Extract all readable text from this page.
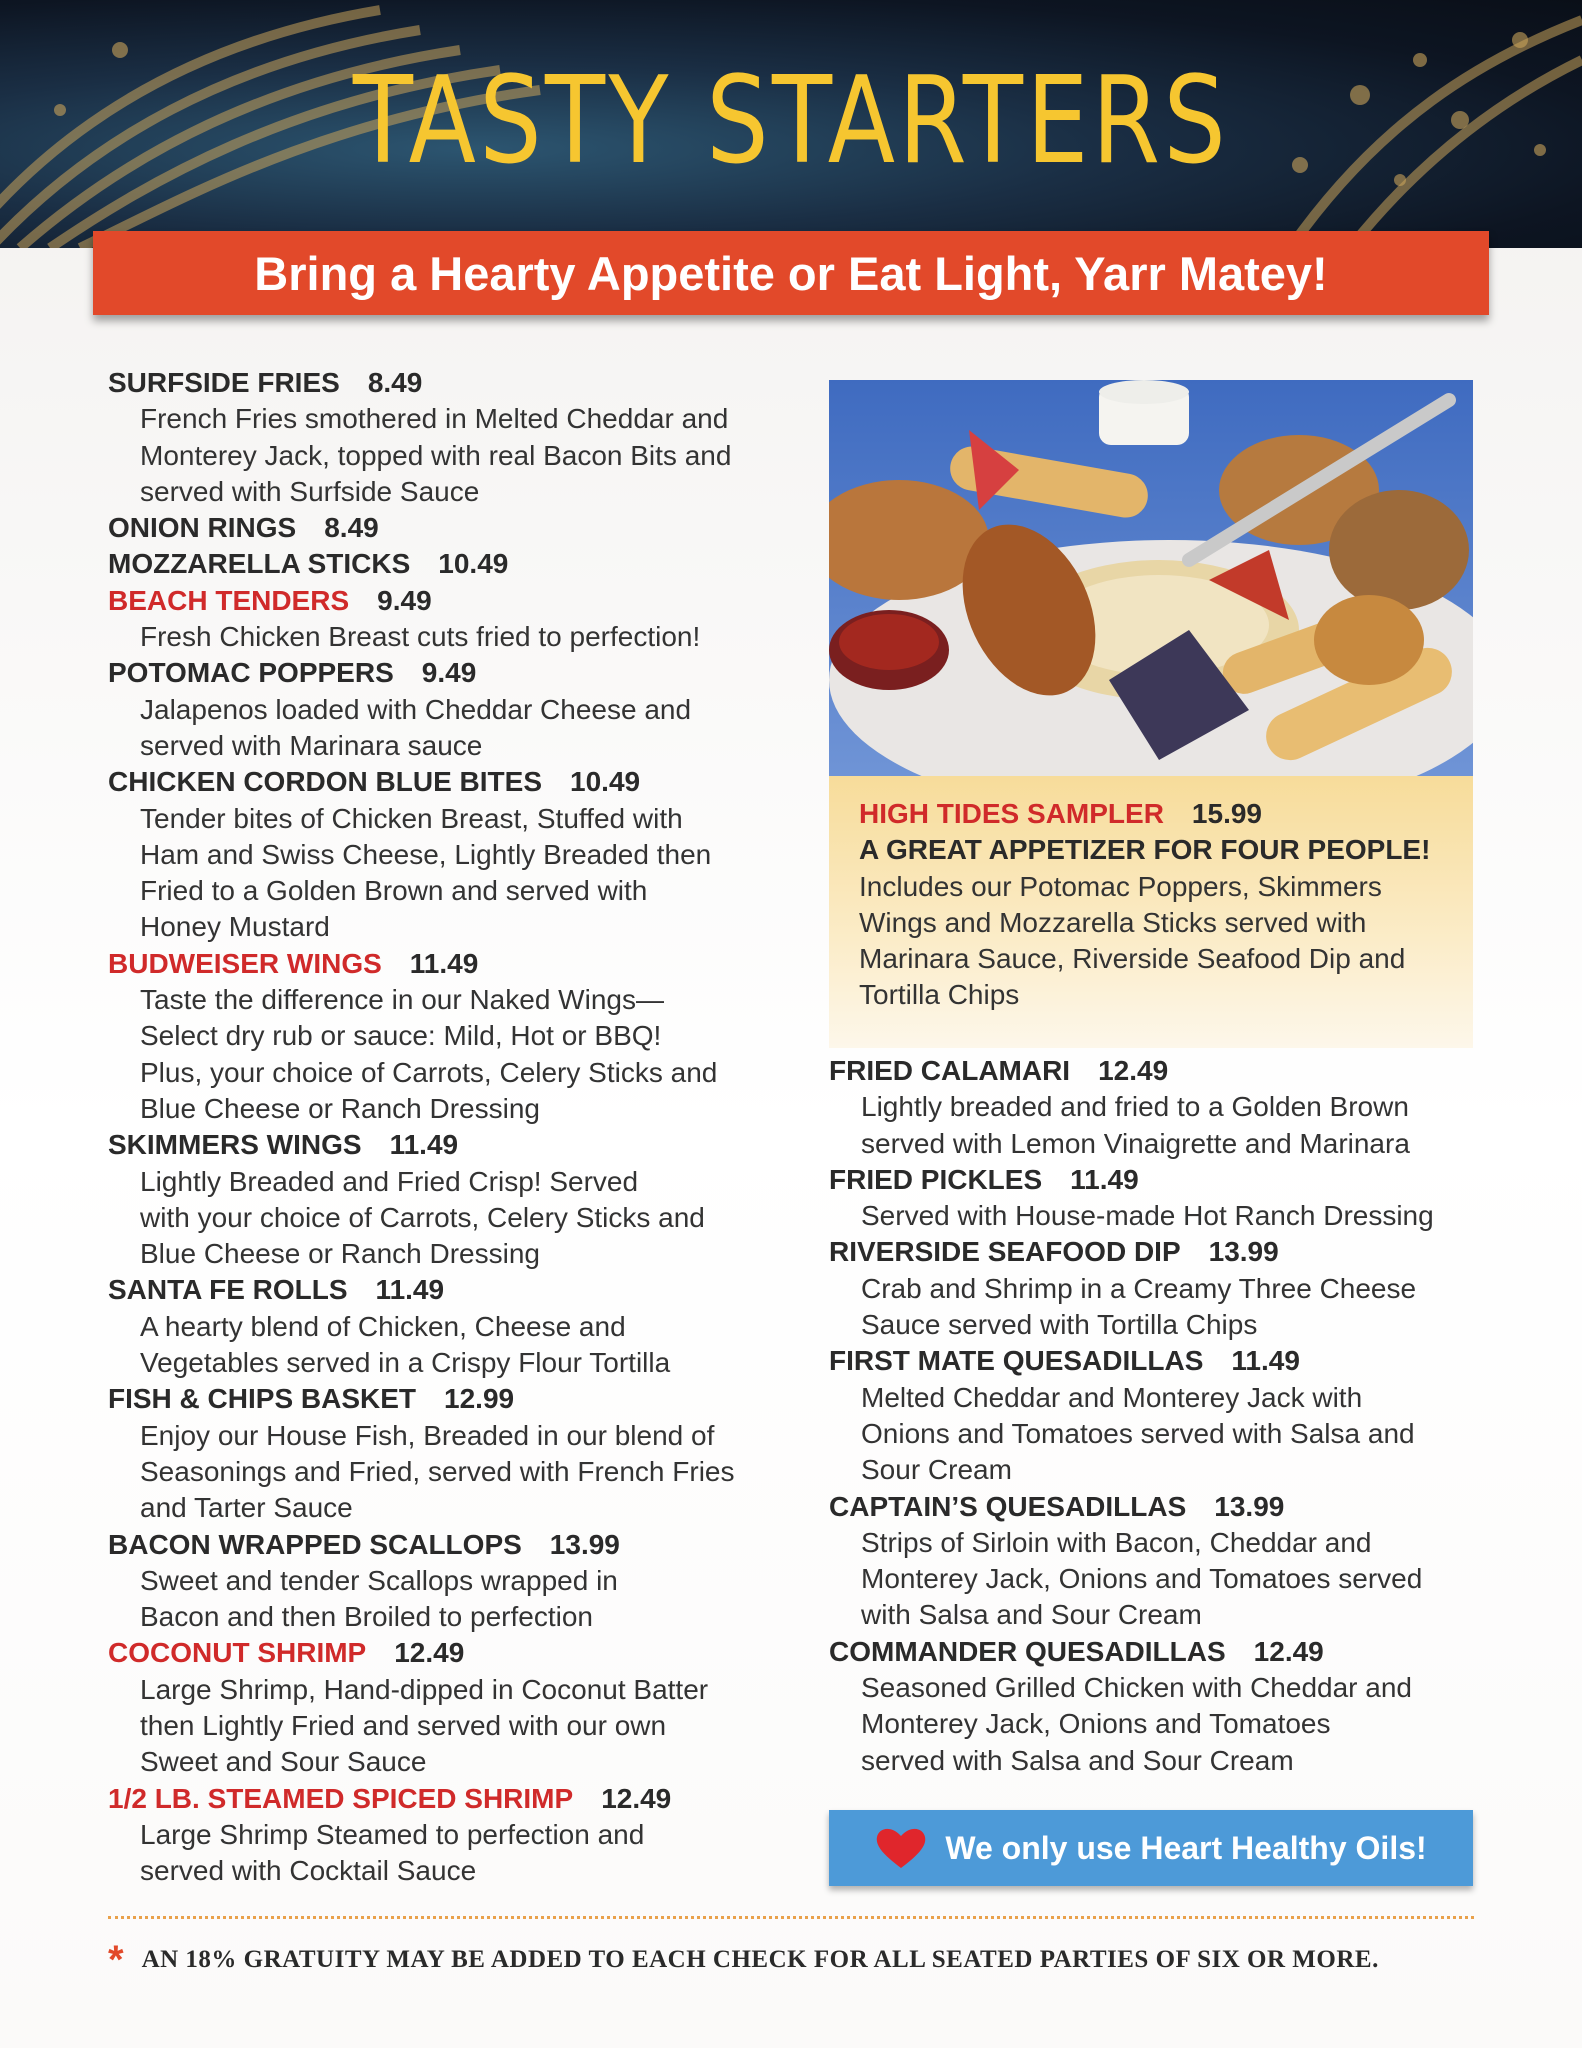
TASTY STARTERS
Bring a Hearty Appetite or Eat Light, Yarr Matey!
SURFSIDE FRIES 8.49
French Fries smothered in Melted Cheddar and
Monterey Jack, topped with real Bacon Bits and
served with Surfside Sauce
ONION RINGS 8.49
MOZZARELLA STICKS 10.49
BEACH TENDERS 9.49
Fresh Chicken Breast cuts fried to perfection!
POTOMAC POPPERS 9.49
Jalapenos loaded with Cheddar Cheese and
served with Marinara sauce
CHICKEN CORDON BLUE BITES 10.49
Tender bites of Chicken Breast, Stuffed with
Ham and Swiss Cheese, Lightly Breaded then
Fried to a Golden Brown and served with
Honey Mustard
BUDWEISER WINGS 11.49
Taste the difference in our Naked Wings—
Select dry rub or sauce: Mild, Hot or BBQ!
Plus, your choice of Carrots, Celery Sticks and
Blue Cheese or Ranch Dressing
SKIMMERS WINGS 11.49
Lightly Breaded and Fried Crisp! Served
with your choice of Carrots, Celery Sticks and
Blue Cheese or Ranch Dressing
SANTA FE ROLLS 11.49
A hearty blend of Chicken, Cheese and
Vegetables served in a Crispy Flour Tortilla
FISH & CHIPS BASKET 12.99
Enjoy our House Fish, Breaded in our blend of
Seasonings and Fried, served with French Fries
and Tarter Sauce
BACON WRAPPED SCALLOPS 13.99
Sweet and tender Scallops wrapped in
Bacon and then Broiled to perfection
COCONUT SHRIMP 12.49
Large Shrimp, Hand-dipped in Coconut Batter
then Lightly Fried and served with our own
Sweet and Sour Sauce
1/2 LB. STEAMED SPICED SHRIMP 12.49
Large Shrimp Steamed to perfection and
served with Cocktail Sauce
HIGH TIDES SAMPLER 15.99
A GREAT APPETIZER FOR FOUR PEOPLE!
Includes our Potomac Poppers, Skimmers
Wings and Mozzarella Sticks served with
Marinara Sauce, Riverside Seafood Dip and
Tortilla Chips
FRIED CALAMARI 12.49
Lightly breaded and fried to a Golden Brown
served with Lemon Vinaigrette and Marinara
FRIED PICKLES 11.49
Served with House-made Hot Ranch Dressing
RIVERSIDE SEAFOOD DIP 13.99
Crab and Shrimp in a Creamy Three Cheese
Sauce served with Tortilla Chips
FIRST MATE QUESADILLAS 11.49
Melted Cheddar and Monterey Jack with
Onions and Tomatoes served with Salsa and
Sour Cream
CAPTAIN’S QUESADILLAS 13.99
Strips of Sirloin with Bacon, Cheddar and
Monterey Jack, Onions and Tomatoes served
with Salsa and Sour Cream
COMMANDER QUESADILLAS 12.49
Seasoned Grilled Chicken with Cheddar and
Monterey Jack, Onions and Tomatoes
served with Salsa and Sour Cream
We only use Heart Healthy Oils!
* AN 18% GRATUITY MAY BE ADDED TO EACH CHECK FOR ALL SEATED PARTIES OF SIX OR MORE.
